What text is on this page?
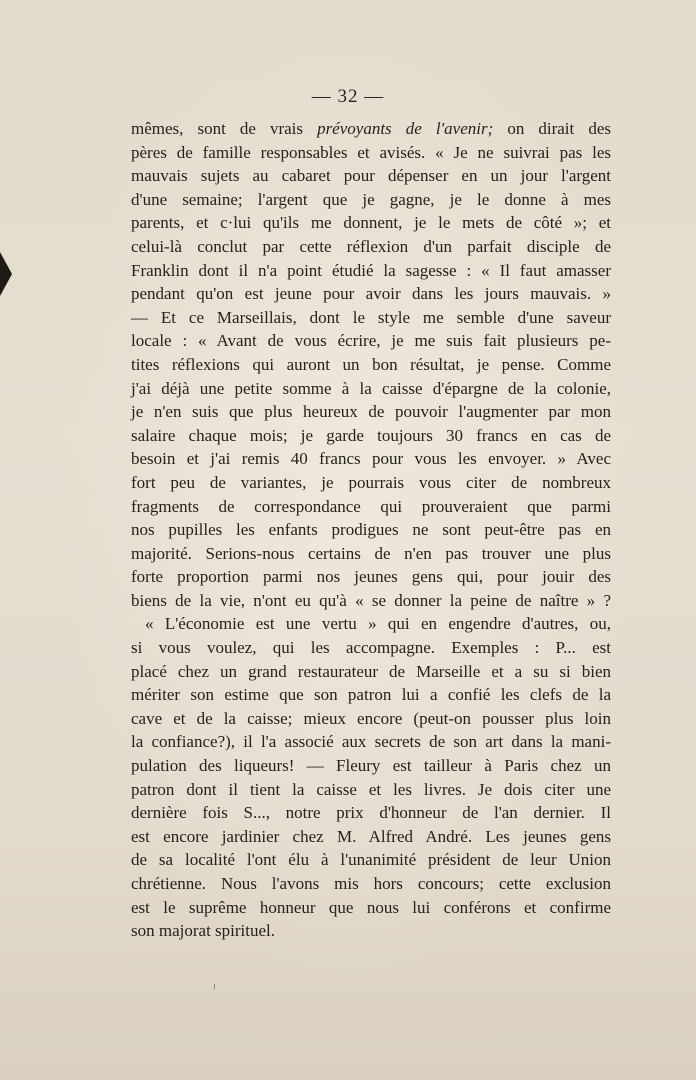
— 32 —
mêmes, sont de vrais prévoyants de l'avenir; on dirait des
pères de famille responsables et avisés. « Je ne suivrai pas les
mauvais sujets au cabaret pour dépenser en un jour l'argent
d'une semaine; l'argent que je gagne, je le donne à mes
parents, et c·lui qu'ils me donnent, je le mets de côté »; et
celui-là conclut par cette réflexion d'un parfait disciple de
Franklin dont il n'a point étudié la sagesse : « Il faut amasser
pendant qu'on est jeune pour avoir dans les jours mauvais. »
— Et ce Marseillais, dont le style me semble d'une saveur
locale : « Avant de vous écrire, je me suis fait plusieurs pe-
tites réflexions qui auront un bon résultat, je pense. Comme
j'ai déjà une petite somme à la caisse d'épargne de la colonie,
je n'en suis que plus heureux de pouvoir l'augmenter par mon
salaire chaque mois; je garde toujours 30 francs en cas de
besoin et j'ai remis 40 francs pour vous les envoyer. » Avec
fort peu de variantes, je pourrais vous citer de nombreux
fragments de correspondance qui prouveraient que parmi
nos pupilles les enfants prodigues ne sont peut-être pas en
majorité. Serions-nous certains de n'en pas trouver une plus
forte proportion parmi nos jeunes gens qui, pour jouir des
biens de la vie, n'ont eu qu'à « se donner la peine de naître » ?
« L'économie est une vertu » qui en engendre d'autres, ou,
si vous voulez, qui les accompagne. Exemples : P... est
placé chez un grand restaurateur de Marseille et a su si bien
mériter son estime que son patron lui a confié les clefs de la
cave et de la caisse; mieux encore (peut-on pousser plus loin
la confiance?), il l'a associé aux secrets de son art dans la mani-
pulation des liqueurs! — Fleury est tailleur à Paris chez un
patron dont il tient la caisse et les livres. Je dois citer une
dernière fois S..., notre prix d'honneur de l'an dernier. Il
est encore jardinier chez M. Alfred André. Les jeunes gens
de sa localité l'ont élu à l'unanimité président de leur Union
chrétienne. Nous l'avons mis hors concours; cette exclusion
est le suprême honneur que nous lui conférons et confirme
son majorat spirituel.
